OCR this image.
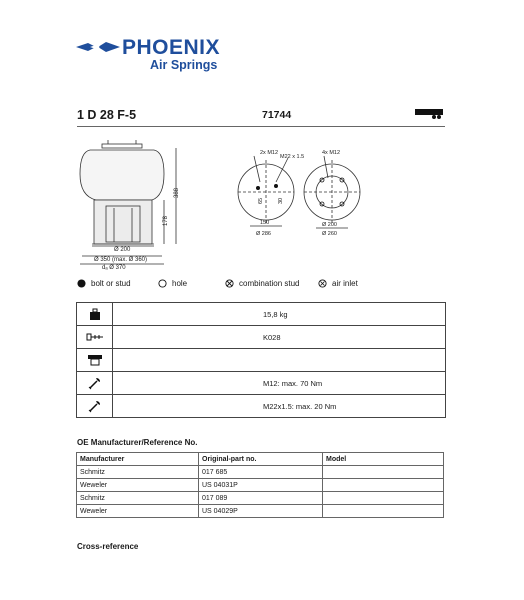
PHOENIX
Air Springs
1 D 28 F-5	71744
388
178
Ø 200
Ø 350 (max. Ø 360)
dₐ Ø 370
2x M12
M22 x 1.5
4x M12
65	30
150
Ø 286
Ø 200
Ø 260
bolt or stud	hole	combination stud	air inlet
	15,8 kg

	K028

	M12: max. 70 Nm

	M22x1.5: max. 20 Nm
OE Manufacturer/Reference No.
Manufacturer	Original-part no.	Model
Schmitz	017 685	
Weweler	US 04031P	
Schmitz	017 089	
Weweler	US 04029P	
Cross-reference
